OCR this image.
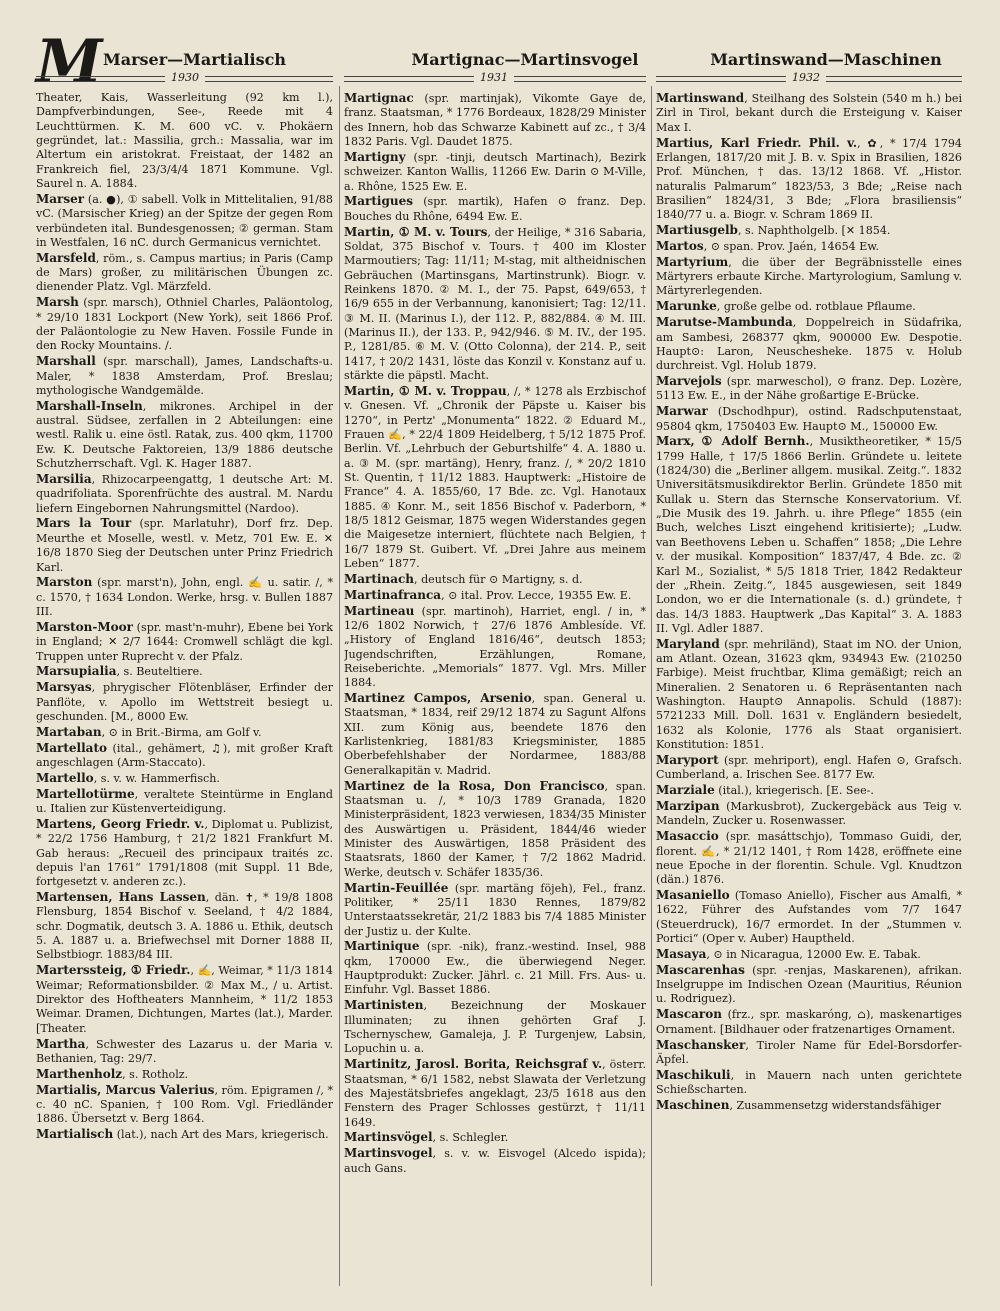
M Marser—Martialisch	Martignac—Martinsvogel	Martinswand—Maschinen
1930	1931	1932
Theater, Kais, Wasserleitung (92 km l.), Dampfverbindungen, See-, Reede mit 4 Leuchttürmen. K. M. 600 vC. v. Phokäern gegründet, lat.: Massilia, grch.: Massalia, war im Altertum ein aristokrat. Freistaat, der 1482 an Frankreich fiel, 23/3/4/4 1871 Kommune. Vgl. Saurel n. A. 1884.
Marser (a. ●), ① sabell. Volk in Mittelitalien, 91/88 vC. (Marsischer Krieg) an der Spitze der gegen Rom verbündeten ital. Bundesgenossen; ② german. Stam in Westfalen, 16 nC. durch Germanicus vernichtet.
Marsfeld, röm., s. Campus martius; in Paris (Camp de Mars) großer, zu militärischen Übungen zc. dienender Platz. Vgl. Märzfeld.
Marsh (spr. marsch), Othniel Charles, Paläontolog, * 29/10 1831 Lockport (New York), seit 1866 Prof. der Paläontologie zu New Haven. Fossile Funde in den Rocky Mountains. ∕.
Marshall (spr. marschall), James, Landschafts-u. Maler, * 1838 Amsterdam, Prof. Breslau; mythologische Wandgemälde.
Marshall-Inseln, mikrones. Archipel in der austral. Südsee, zerfallen in 2 Abteilungen: eine westl. Ralik u. eine östl. Ratak, zus. 400 qkm, 11700 Ew. K. Deutsche Faktoreien, 13/9 1886 deutsche Schutzherrschaft. Vgl. K. Hager 1887.
Marsilia, Rhizocarpeengattg, 1 deutsche Art: M. quadrifoliata. Sporenfrüchte des austral. M. Nardu liefern Eingebornen Nahrungsmittel (Nardoo).
Mars la Tour (spr. Marlatuhr), Dorf frz. Dep. Meurthe et Moselle, westl. v. Metz, 701 Ew. E. ✕ 16/8 1870 Sieg der Deutschen unter Prinz Friedrich Karl.
Marston (spr. marst'n), John, engl. ✍ u. satir. ∕, * c. 1570, † 1634 London. Werke, hrsg. v. Bullen 1887 III.
Marston-Moor (spr. mast'n-muhr), Ebene bei York in England; ✕ 2/7 1644: Cromwell schlägt die kgl. Truppen unter Ruprecht v. der Pfalz.
Marsupialia, s. Beuteltiere.
Marsyas, phrygischer Flötenbläser, Erfinder der Panflöte, v. Apollo im Wettstreit besiegt u. geschunden. [M., 8000 Ew.
Martaban, ⊙ in Brit.-Birma, am Golf v.
Martellato (ital., gehämert, ♫), mit großer Kraft angeschlagen (Arm-Staccato).
Martello, s. v. w. Hammerfisch.
Martellotürme, veraltete Steintürme in England u. Italien zur Küstenverteidigung.
Martens, Georg Friedr. v., Diplomat u. Publizist, * 22/2 1756 Hamburg, † 21/2 1821 Frankfurt M. Gab heraus: „Recueil des principaux traités zc. depuis l'an 1761“ 1791/1808 (mit Suppl. 11 Bde, fortgesetzt v. anderen zc.).
Martensen, Hans Lassen, dän. ✝, * 19/8 1808 Flensburg, 1854 Bischof v. Seeland, † 4/2 1884, schr. Dogmatik, deutsch 3. A. 1886 u. Ethik, deutsch 5. A. 1887 u. a. Briefwechsel mit Dorner 1888 II, Selbstbiogr. 1883/84 III.
Marterssteig, ① Friedr., ✍, Weimar, * 11/3 1814 Weimar; Reformationsbilder. ② Max M., ∕ u. Artist. Direktor des Hoftheaters Mannheim, * 11/2 1853 Weimar. Dramen, Dichtungen, Martes (lat.), Marder. [Theater.
Martha, Schwester des Lazarus u. der Maria v. Bethanien, Tag: 29/7.
Marthenholz, s. Rotholz.
Martialis, Marcus Valerius, röm. Epigramen ∕, * c. 40 nC. Spanien, † 100 Rom. Vgl. Friedländer 1886. Übersetzt v. Berg 1864.
Martialisch (lat.), nach Art des Mars, kriegerisch.
Martignac (spr. martinjak), Vikomte Gaye de, franz. Staatsman, * 1776 Bordeaux, 1828/29 Minister des Innern, hob das Schwarze Kabinett auf zc., † 3/4 1832 Paris. Vgl. Daudet 1875.
Martigny (spr. -tinji, deutsch Martinach), Bezirk schweizer. Kanton Wallis, 11266 Ew. Darin ⊙ M-Ville, a. Rhône, 1525 Ew. E.
Martigues (spr. martik), Hafen ⊙ franz. Dep. Bouches du Rhône, 6494 Ew. E.
Martin, ① M. v. Tours, der Heilige, * 316 Sabaria, Soldat, 375 Bischof v. Tours. † 400 im Kloster Marmoutiers; Tag: 11/11; M-stag, mit altheidnischen Gebräuchen (Martinsgans, Martinstrunk). Biogr. v. Reinkens 1870. ② M. I., der 75. Papst, 649/653, † 16/9 655 in der Verbannung, kanonisiert; Tag: 12/11. ③ M. II. (Marinus I.), der 112. P., 882/884. ④ M. III. (Marinus II.), der 133. P., 942/946. ⑤ M. IV., der 195. P., 1281/85. ⑥ M. V. (Otto Colonna), der 214. P., seit 1417, † 20/2 1431, löste das Konzil v. Konstanz auf u. stärkte die päpstl. Macht.
Martin, ① M. v. Troppau, ∕, * 1278 als Erzbischof v. Gnesen. Vf. „Chronik der Päpste u. Kaiser bis 1270“, in Pertz' „Monumenta“ 1822. ② Eduard M., Frauen ✍, * 22/4 1809 Heidelberg, † 5/12 1875 Prof. Berlin. Vf. „Lehrbuch der Geburtshilfe“ 4. A. 1880 u. a. ③ M. (spr. martäng), Henry, franz. ∕, * 20/2 1810 St. Quentin, † 11/12 1883. Hauptwerk: „Histoire de France“ 4. A. 1855/60, 17 Bde. zc. Vgl. Hanotaux 1885. ④ Konr. M., seit 1856 Bischof v. Paderborn, * 18/5 1812 Geismar, 1875 wegen Widerstandes gegen die Maigesetze interniert, flüchtete nach Belgien, † 16/7 1879 St. Guibert. Vf. „Drei Jahre aus meinem Leben“ 1877.
Martinach, deutsch für ⊙ Martigny, s. d.
Martinafranca, ⊙ ital. Prov. Lecce, 19355 Ew. E.
Martineau (spr. martinoh), Harriet, engl. ∕ in, * 12/6 1802 Norwich, † 27/6 1876 Amblesíde. Vf. „History of England 1816/46“, deutsch 1853; Jugendschriften, Erzählungen, Romane, Reiseberichte. „Memorials“ 1877. Vgl. Mrs. Miller 1884.
Martinez Campos, Arsenio, span. General u. Staatsman, * 1834, reif 29/12 1874 zu Sagunt Alfons XII. zum König aus, beendete 1876 den Karlistenkrieg, 1881/83 Kriegsminister, 1885 Oberbefehlshaber der Nordarmee, 1883/88 Generalkapitän v. Madrid.
Martinez de la Rosa, Don Francisco, span. Staatsman u. ∕, * 10/3 1789 Granada, 1820 Ministerpräsident, 1823 verwiesen, 1834/35 Minister des Auswärtigen u. Präsident, 1844/46 wieder Minister des Auswärtigen, 1858 Präsident des Staatsrats, 1860 der Kamer, † 7/2 1862 Madrid. Werke, deutsch v. Schäfer 1835/36.
Martin-Feuillée (spr. martäng föjeh), Fel., franz. Politiker, * 25/11 1830 Rennes, 1879/82 Unterstaatssekretär, 21/2 1883 bis 7/4 1885 Minister der Justiz u. der Kulte.
Martinique (spr. -nik), franz.-westind. Insel, 988 qkm, 170000 Ew., die überwiegend Neger. Hauptprodukt: Zucker. Jährl. c. 21 Mill. Frs. Aus- u. Einfuhr. Vgl. Basset 1886.
Martinisten, Bezeichnung der Moskauer Illuminaten; zu ihnen gehörten Graf J. Tschernyschew, Gamaleja, J. P. Turgenjew, Labsin, Lopuchin u. a.
Martinitz, Jarosl. Borita, Reichsgraf v., österr. Staatsman, * 6/1 1582, nebst Slawata der Verletzung des Majestätsbriefes angeklagt, 23/5 1618 aus den Fenstern des Prager Schlosses gestürzt, † 11/11 1649.
Martinsvögel, s. Schlegler.
Martinsvogel, s. v. w. Eisvogel (Alcedo ispida); auch Gans.
Martinswand, Steilhang des Solstein (540 m h.) bei Zirl in Tirol, bekant durch die Ersteigung v. Kaiser Max I.
Martius, Karl Friedr. Phil. v., ✿, * 17/4 1794 Erlangen, 1817/20 mit J. B. v. Spix in Brasilien, 1826 Prof. München, † das. 13/12 1868. Vf. „Histor. naturalis Palmarum“ 1823/53, 3 Bde; „Reise nach Brasilien“ 1824/31, 3 Bde; „Flora brasiliensis“ 1840/77 u. a. Biogr. v. Schram 1869 II.
Martiusgelb, s. Naphtholgelb. [✕ 1854.
Martos, ⊙ span. Prov. Jaén, 14654 Ew.
Martyrium, die über der Begräbnisstelle eines Märtyrers erbaute Kirche. Martyrologium, Samlung v. Märtyrerlegenden.
Marunke, große gelbe od. rotblaue Pflaume.
Marutse-Mambunda, Doppelreich in Südafrika, am Sambesi, 268377 qkm, 900000 Ew. Despotie. Haupt⊙: Laron, Neuschesheke. 1875 v. Holub durchreist. Vgl. Holub 1879.
Marvejols (spr. marweschol), ⊙ franz. Dep. Lozère, 5113 Ew. E., in der Nähe großartige E-Brücke.
Marwar (Dschodhpur), ostind. Radschputenstaat, 95804 qkm, 1750403 Ew. Haupt⊙ M., 150000 Ew.
Marx, ① Adolf Bernh., Musiktheoretiker, * 15/5 1799 Halle, † 17/5 1866 Berlin. Gründete u. leitete (1824/30) die „Berliner allgem. musikal. Zeitg.“. 1832 Universitätsmusikdirektor Berlin. Gründete 1850 mit Kullak u. Stern das Sternsche Konservatorium. Vf. „Die Musik des 19. Jahrh. u. ihre Pflege“ 1855 (ein Buch, welches Liszt eingehend kritisierte); „Ludw. van Beethovens Leben u. Schaffen“ 1858; „Die Lehre v. der musikal. Komposition“ 1837/47, 4 Bde. zc. ② Karl M., Sozialist, * 5/5 1818 Trier, 1842 Redakteur der „Rhein. Zeitg.“, 1845 ausgewiesen, seit 1849 London, wo er die Internationale (s. d.) gründete, † das. 14/3 1883. Hauptwerk „Das Kapital“ 3. A. 1883 II. Vgl. Adler 1887.
Maryland (spr. mehriländ), Staat im NO. der Union, am Atlant. Ozean, 31623 qkm, 934943 Ew. (210250 Farbige). Meist fruchtbar, Klima gemäßigt; reich an Mineralien. 2 Senatoren u. 6 Repräsentanten nach Washington. Haupt⊙ Annapolis. Schuld (1887): 5721233 Mill. Doll. 1631 v. Engländern besiedelt, 1632 als Kolonie, 1776 als Staat organisiert. Konstitution: 1851.
Maryport (spr. mehriport), engl. Hafen ⊙, Grafsch. Cumberland, a. Irischen See. 8177 Ew.
Marziale (ital.), kriegerisch. [E. See-.
Marzipan (Markusbrot), Zuckergebäck aus Teig v. Mandeln, Zucker u. Rosenwasser.
Masaccio (spr. masáttschjo), Tommaso Guidi, der, florent. ✍, * 21/12 1401, † Rom 1428, eröffnete eine neue Epoche in der florentin. Schule. Vgl. Knudtzon (dän.) 1876.
Masaniello (Tomaso Aniello), Fischer aus Amalfi, * 1622, Führer des Aufstandes vom 7/7 1647 (Steuerdruck), 16/7 ermordet. In der „Stummen v. Portici“ (Oper v. Auber) Hauptheld.
Masaya, ⊙ in Nicaragua, 12000 Ew. E. Tabak.
Mascarenhas (spr. -renjas, Maskarenen), afrikan. Inselgruppe im Indischen Ozean (Mauritius, Réunion u. Rodriguez).
Mascaron (frz., spr. maskaróng, ⌂), maskenartiges Ornament. [Bildhauer oder fratzenartiges Ornament.
Maschansker, Tiroler Name für Edel-Borsdorfer-Äpfel.
Maschikuli, in Mauern nach unten gerichtete Schießscharten.
Maschinen, Zusammensetzg widerstandsfähiger
